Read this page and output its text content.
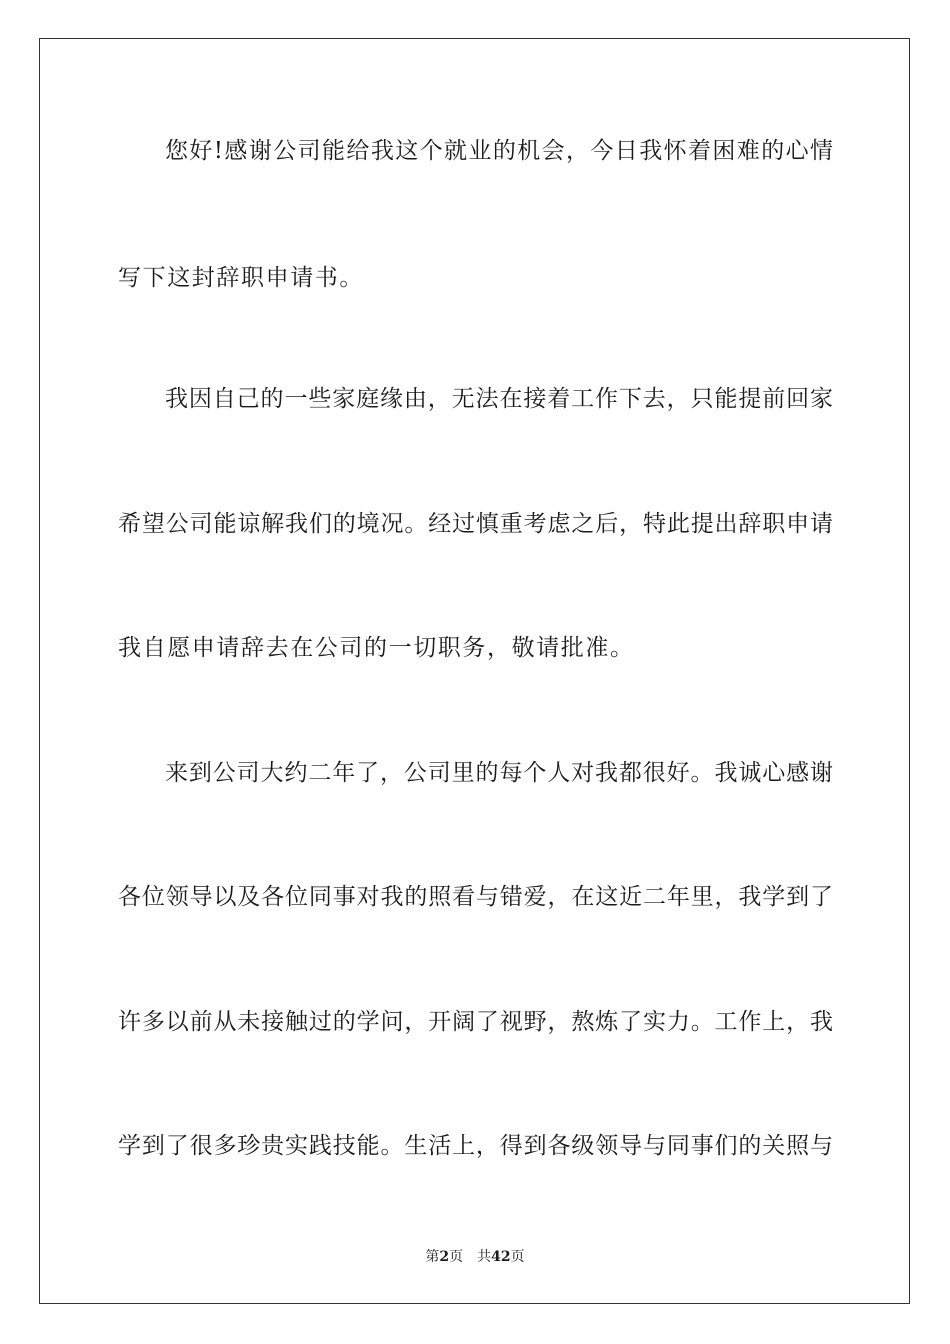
您好!感谢公司能给我这个就业的机会，今日我怀着困难的心情
写下这封辞职申请书。
我因自己的一些家庭缘由，无法在接着工作下去，只能提前回家
希望公司能谅解我们的境况。经过慎重考虑之后，特此提出辞职申请
我自愿申请辞去在公司的一切职务，敬请批准。
来到公司大约二年了，公司里的每个人对我都很好。我诚心感谢
各位领导以及各位同事对我的照看与错爱，在这近二年里，我学到了
许多以前从未接触过的学问，开阔了视野，熬炼了实力。工作上，我
学到了很多珍贵实践技能。生活上，得到各级领导与同事们的关照与
第2页 共42页
